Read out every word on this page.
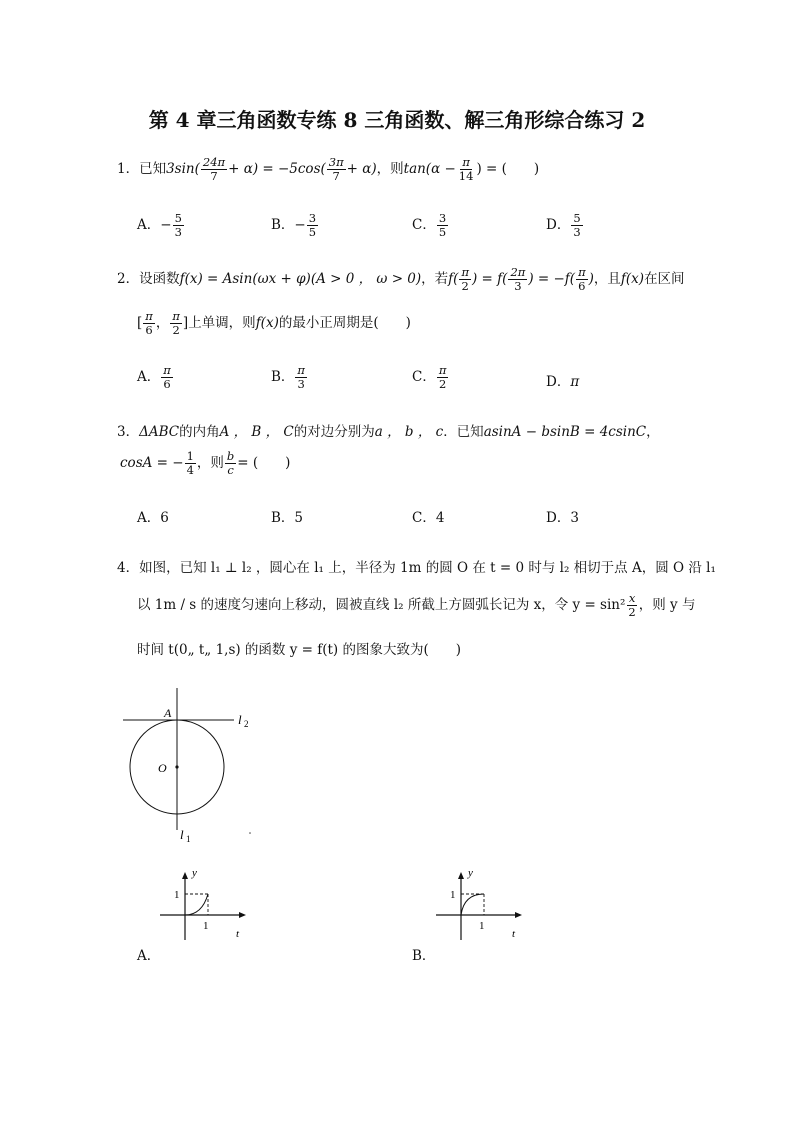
第 4 章三角函数专练 8 三角函数、解三角形综合练习 2
1．已知$3\sin( \frac{24\pi}{7} + \alpha) = -5\cos( \frac{3\pi}{7} + \alpha)$，则$\tan(\alpha - \frac{\pi}{14}$ ) = (　　)
A．− $\frac{5}{3}$	B．− $\frac{3}{5}$	C． $\frac{3}{5}$	D． $\frac{5}{3}$
2．设函数f(x) = Asin(ωx + φ)(A > 0 ， ω > 0)，若$f( \frac{\pi}{2}$ ) = $f( \frac{2\pi}{3}$ ) = $-f( \frac{\pi}{6}$ )，且f(x)在区间
[ $\frac{\pi}{6}$ ， $\frac{\pi}{2}$ ]上单调，则f(x)的最小正周期是(　　)
A． $\frac{\pi}{6}$	B． $\frac{\pi}{3}$	C． $\frac{\pi}{2}$	D．π
3．ΔABC的内角A ， B ， C的对边分别为a ， b ， c．已知asinA − bsinB = 4csinC，
cosA = − $\frac{1}{4}$ ，则 $\frac{b}{c}$ = (　　)
A．6	B．5	C．4	D．3
4．如图，已知 l₁ ⊥ l₂ ，圆心在 l₁ 上，半径为 1m 的圆 O 在 t = 0 时与 l₂ 相切于点 A，圆 O 沿 l₁
以 1m / s 的速度匀速向上移动，圆被直线 l₂ 所截上方圆弧长记为 x，令 $y = \sin^2 \frac{x}{2}$ ，则 y 与
时间 t(0„ t„ 1,s) 的函数 y = f(t) 的图象大致为(　　)
A
O
l 2
l 1
y
1
1
t
A．
y
1
1
t
B．
